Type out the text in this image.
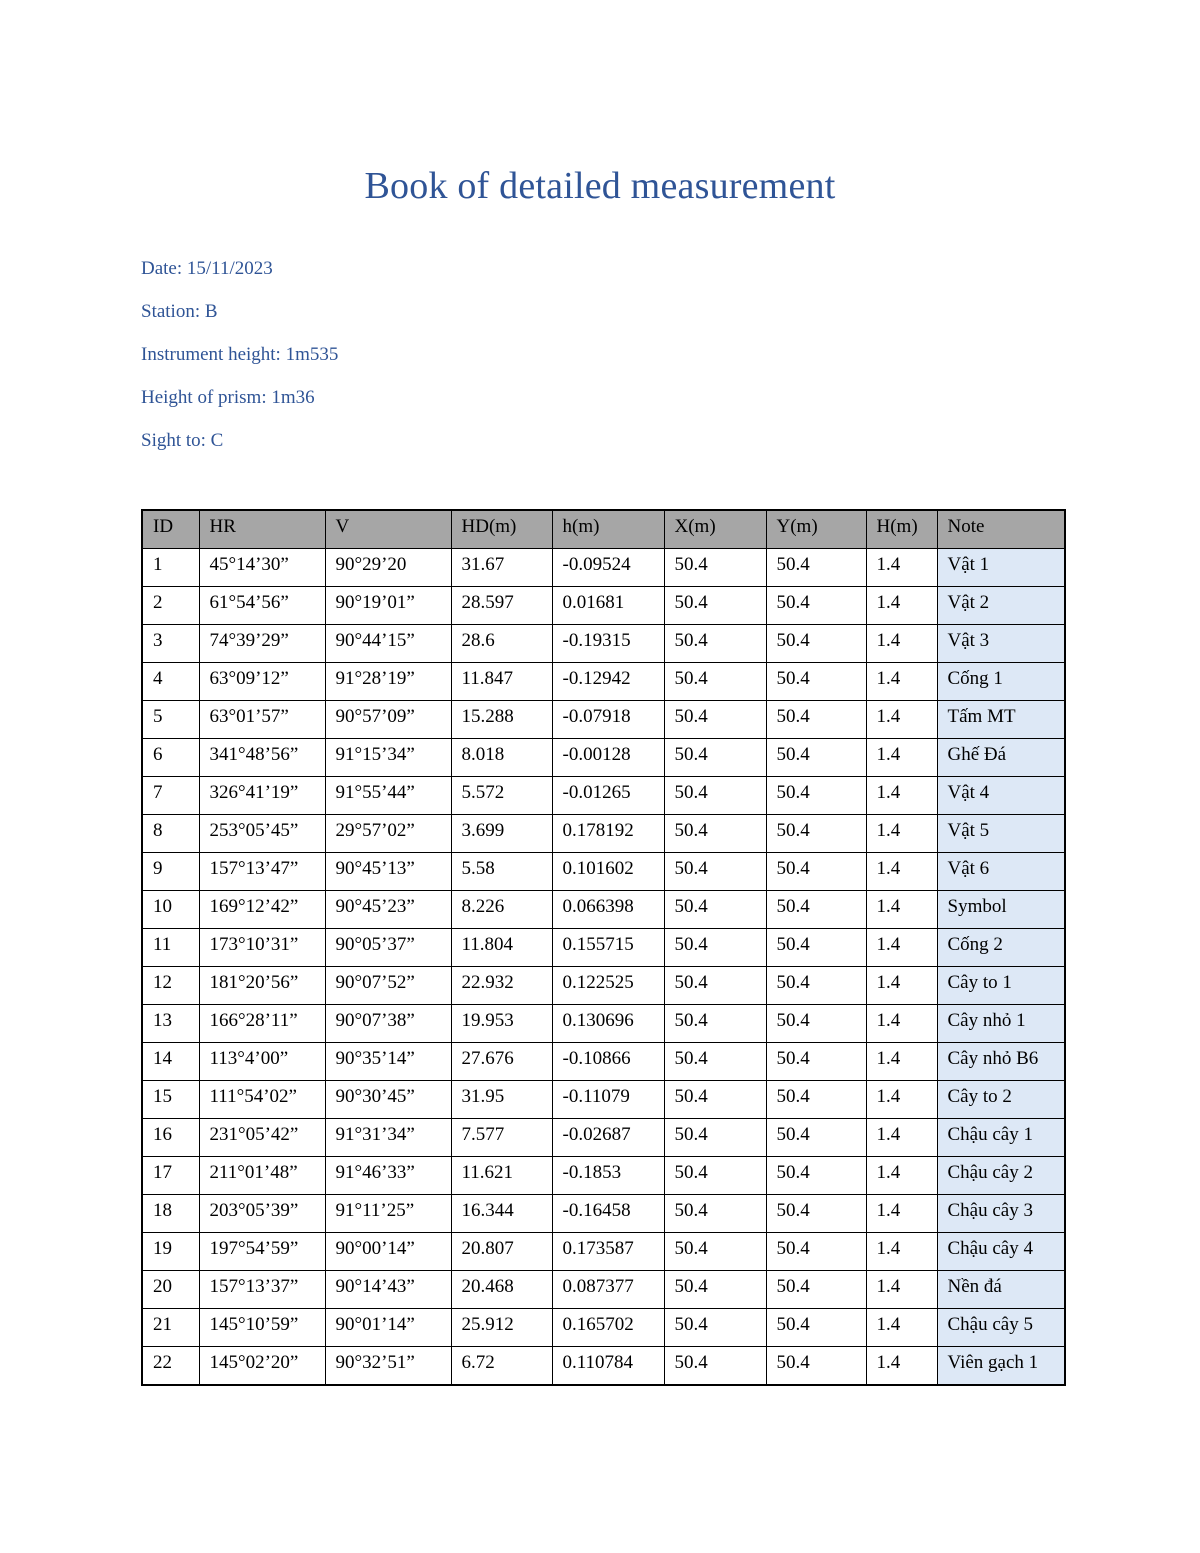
Book of detailed measurement
Date: 15/11/2023
Station: B
Instrument height: 1m535
Height of prism: 1m36
Sight to: C
ID	HR	V	HD(m)	h(m)	X(m)	Y(m)	H(m)	Note
1	45°14’30”	90°29’20	31.67	-0.09524	50.4	50.4	1.4	Vật 1
2	61°54’56”	90°19’01”	28.597	0.01681	50.4	50.4	1.4	Vật 2
3	74°39’29”	90°44’15”	28.6	-0.19315	50.4	50.4	1.4	Vật 3
4	63°09’12”	91°28’19”	11.847	-0.12942	50.4	50.4	1.4	Cống 1
5	63°01’57”	90°57’09”	15.288	-0.07918	50.4	50.4	1.4	Tấm MT
6	341°48’56”	91°15’34”	8.018	-0.00128	50.4	50.4	1.4	Ghế Đá
7	326°41’19”	91°55’44”	5.572	-0.01265	50.4	50.4	1.4	Vật 4
8	253°05’45”	29°57’02”	3.699	0.178192	50.4	50.4	1.4	Vật 5
9	157°13’47”	90°45’13”	5.58	0.101602	50.4	50.4	1.4	Vật 6
10	169°12’42”	90°45’23”	8.226	0.066398	50.4	50.4	1.4	Symbol
11	173°10’31”	90°05’37”	11.804	0.155715	50.4	50.4	1.4	Cống 2
12	181°20’56”	90°07’52”	22.932	0.122525	50.4	50.4	1.4	Cây to 1
13	166°28’11”	90°07’38”	19.953	0.130696	50.4	50.4	1.4	Cây nhỏ 1
14	113°4’00”	90°35’14”	27.676	-0.10866	50.4	50.4	1.4	Cây nhỏ B6
15	111°54’02”	90°30’45”	31.95	-0.11079	50.4	50.4	1.4	Cây to 2
16	231°05’42”	91°31’34”	7.577	-0.02687	50.4	50.4	1.4	Chậu cây 1
17	211°01’48”	91°46’33”	11.621	-0.1853	50.4	50.4	1.4	Chậu cây 2
18	203°05’39”	91°11’25”	16.344	-0.16458	50.4	50.4	1.4	Chậu cây 3
19	197°54’59”	90°00’14”	20.807	0.173587	50.4	50.4	1.4	Chậu cây 4
20	157°13’37”	90°14’43”	20.468	0.087377	50.4	50.4	1.4	Nền đá
21	145°10’59”	90°01’14”	25.912	0.165702	50.4	50.4	1.4	Chậu cây 5
22	145°02’20”	90°32’51”	6.72	0.110784	50.4	50.4	1.4	Viên gạch 1
